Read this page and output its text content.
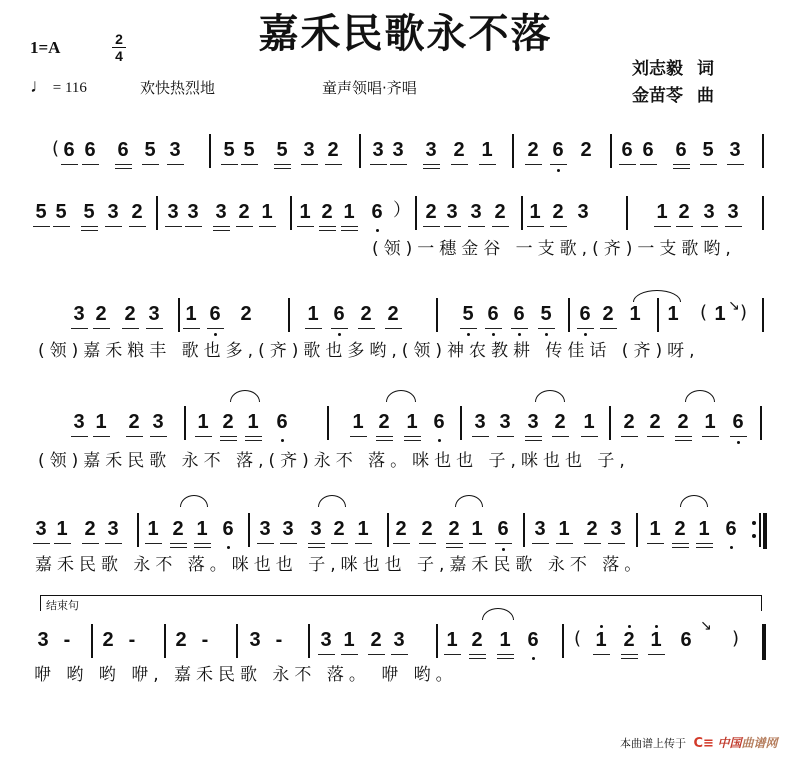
嘉禾民歌永不落
1=A	2
4
♩ = 116	欢快热烈地	童声领唱·齐唱
刘志毅 词
金苗苓 曲
6 6 6 5 3 5 5 5 3 2 3 3 3 2 1 2 6 2 6 6 6 5 3
(
5 5 5 3 2 3 3 3 2 1 1 2 1 6 2 3 3 2 1 2 3	1 2 3 3
）
(领)一穗金谷 一支歌,(齐)一支歌哟,
3 2 2 3 1 6 2	1 6 2 2	5 6 6 5 6 2 1 1 1
( )
↘
(领)嘉禾粮丰 歌也多,(齐)歌也多哟,(领)神农教耕 传佳话 (齐)呀,
3 1 2 3 1 2 1 6	1 2 1 6 3 3 3 2 1 2 2 2 1 6
(领)嘉禾民歌 永不 落,(齐)永不 落。咪也也 子,咪也也 子,
3 1 2 3 1 2 1 6 3 3 3 2 1 2 2 2 1 6 3 1 2 3 1 2 1 6
嘉禾民歌 永不 落。咪也也 子,咪也也 子,嘉禾民歌 永不 落。
3 - 2 - 2 - 3 - 3 1 2 3 1 2 1 6	1 2 1 6
(	)
↘
咿 哟 哟 咿, 嘉禾民歌 永不 落。 咿 哟。
结束句
本曲谱上传于 C≡ 中国曲谱网
